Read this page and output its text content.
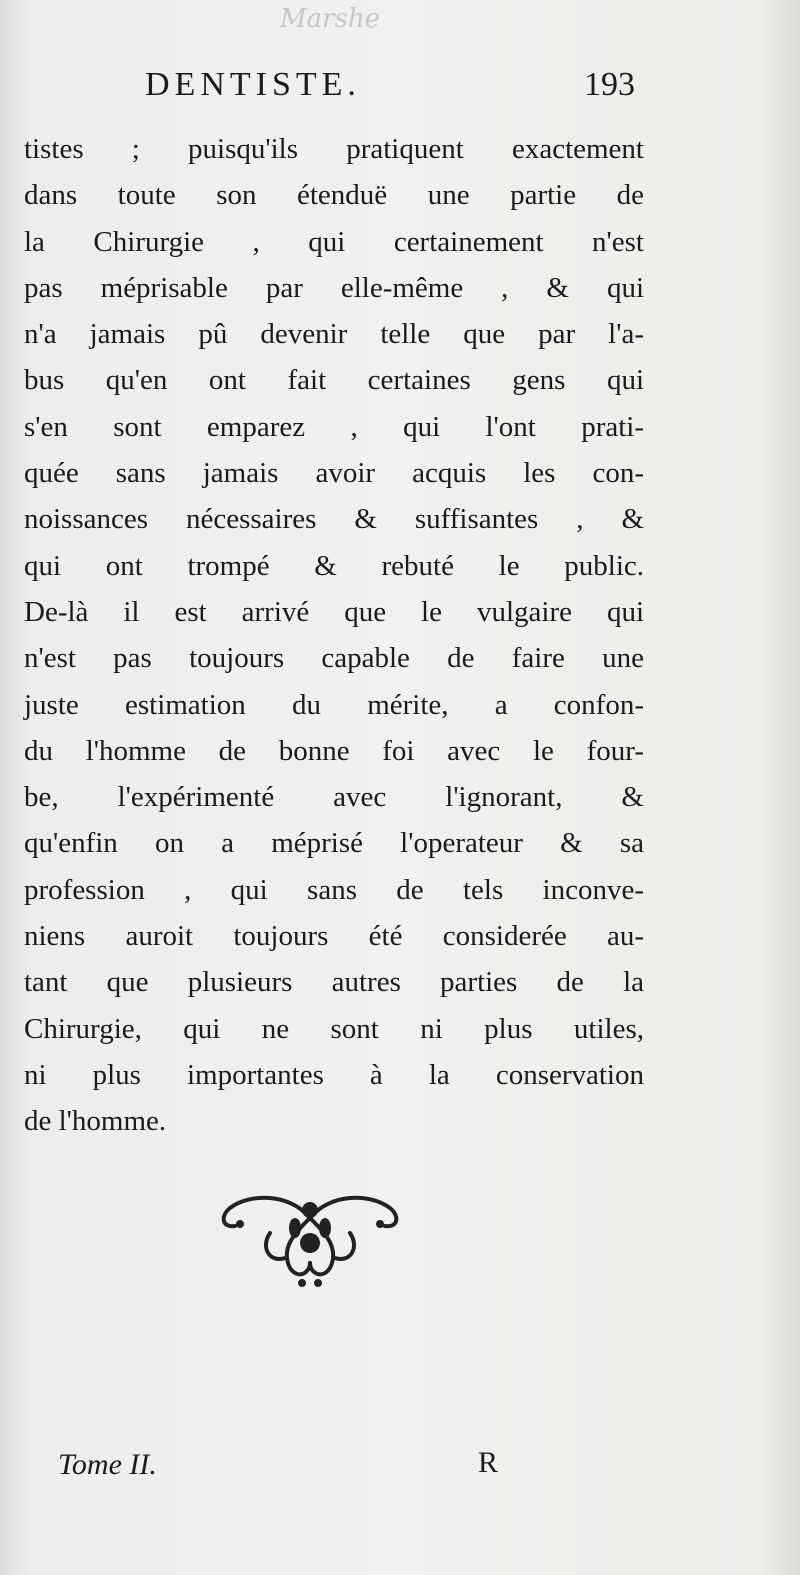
Marshe
DENTISTE.	193
tistes ; puisqu'ils pratiquent exactement
dans toute son étenduë une partie de
la Chirurgie , qui certainement n'est
pas méprisable par elle-même , & qui
n'a jamais pû devenir telle que par l'a-
bus qu'en ont fait certaines gens qui
s'en sont emparez , qui l'ont prati-
quée sans jamais avoir acquis les con-
noissances nécessaires & suffisantes , &
qui ont trompé & rebuté le public.
De-là il est arrivé que le vulgaire qui
n'est pas toujours capable de faire une
juste estimation du mérite, a confon-
du l'homme de bonne foi avec le four-
be, l'expérimenté avec l'ignorant, &
qu'enfin on a méprisé l'operateur & sa
profession , qui sans de tels inconve-
niens auroit toujours été considerée au-
tant que plusieurs autres parties de la
Chirurgie, qui ne sont ni plus utiles,
ni plus importantes à la conservation
de l'homme.
Tome II.	R
